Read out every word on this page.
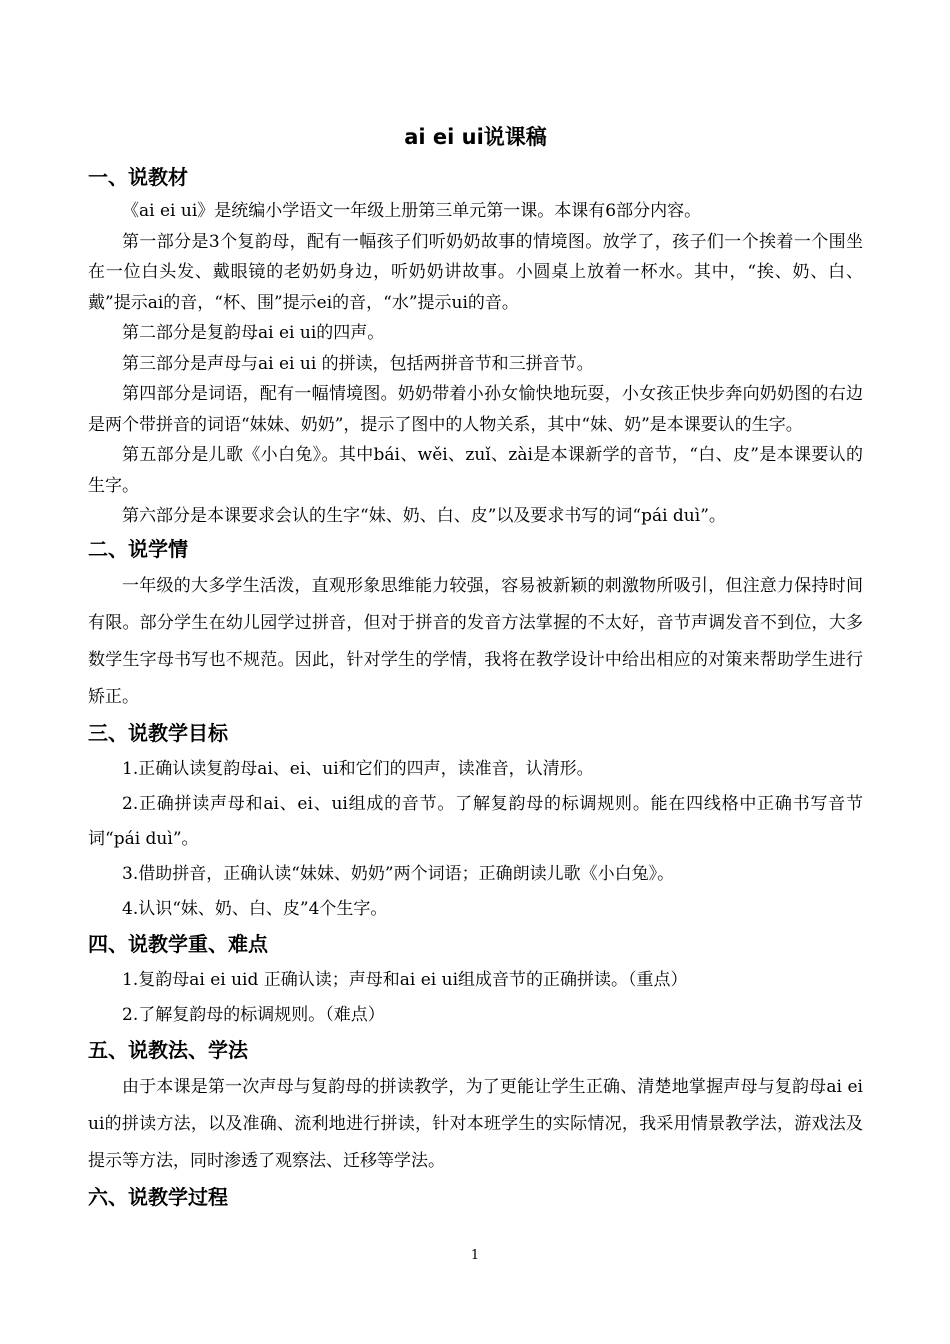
ai ei ui说课稿
一、说教材

《ai ei ui》是统编小学语文一年级上册第三单元第一课。本课有6部分内容。

第一部分是3个复韵母，配有一幅孩子们听奶奶故事的情境图。放学了，孩子们一个挨着一个围坐在一位白头发、戴眼镜的老奶奶身边，听奶奶讲故事。小圆桌上放着一杯水。其中，“挨、奶、白、戴”提示ai的音，“杯、围”提示ei的音，“水”提示ui的音。

第二部分是复韵母ai ei ui的四声。

第三部分是声母与ai ei ui 的拼读，包括两拼音节和三拼音节。

第四部分是词语，配有一幅情境图。奶奶带着小孙女愉快地玩耍，小女孩正快步奔向奶奶图的右边是两个带拼音的词语“妹妹、奶奶”，提示了图中的人物关系，其中“妹、奶”是本课要认的生字。

第五部分是儿歌《小白兔》。其中bái、wěi、zuǐ、zài是本课新学的音节，“白、皮”是本课要认的生字。

第六部分是本课要求会认的生字“妹、奶、白、皮”以及要求书写的词“pái duì”。

二、说学情

一年级的大多学生活泼，直观形象思维能力较强，容易被新颖的刺激物所吸引，但注意力保持时间有限。部分学生在幼儿园学过拼音，但对于拼音的发音方法掌握的不太好，音节声调发音不到位，大多数学生字母书写也不规范。因此，针对学生的学情，我将在教学设计中给出相应的对策来帮助学生进行矫正。

三、说教学目标

1.正确认读复韵母ai、ei、ui和它们的四声，读准音，认清形。

2.正确拼读声母和ai、ei、ui组成的音节。了解复韵母的标调规则。能在四线格中正确书写音节词“pái duì”。

3.借助拼音，正确认读“妹妹、奶奶”两个词语；正确朗读儿歌《小白兔》。

4.认识“妹、奶、白、皮”4个生字。

四、说教学重、难点

1.复韵母ai ei uid 正确认读；声母和ai ei ui组成音节的正确拼读。（重点）

2.了解复韵母的标调规则。（难点）

五、说教法、学法

由于本课是第一次声母与复韵母的拼读教学，为了更能让学生正确、清楚地掌握声母与复韵母ai ei ui的拼读方法，以及准确、流利地进行拼读，针对本班学生的实际情况，我采用情景教学法，游戏法及提示等方法，同时渗透了观察法、迁移等学法。

六、说教学过程
1
